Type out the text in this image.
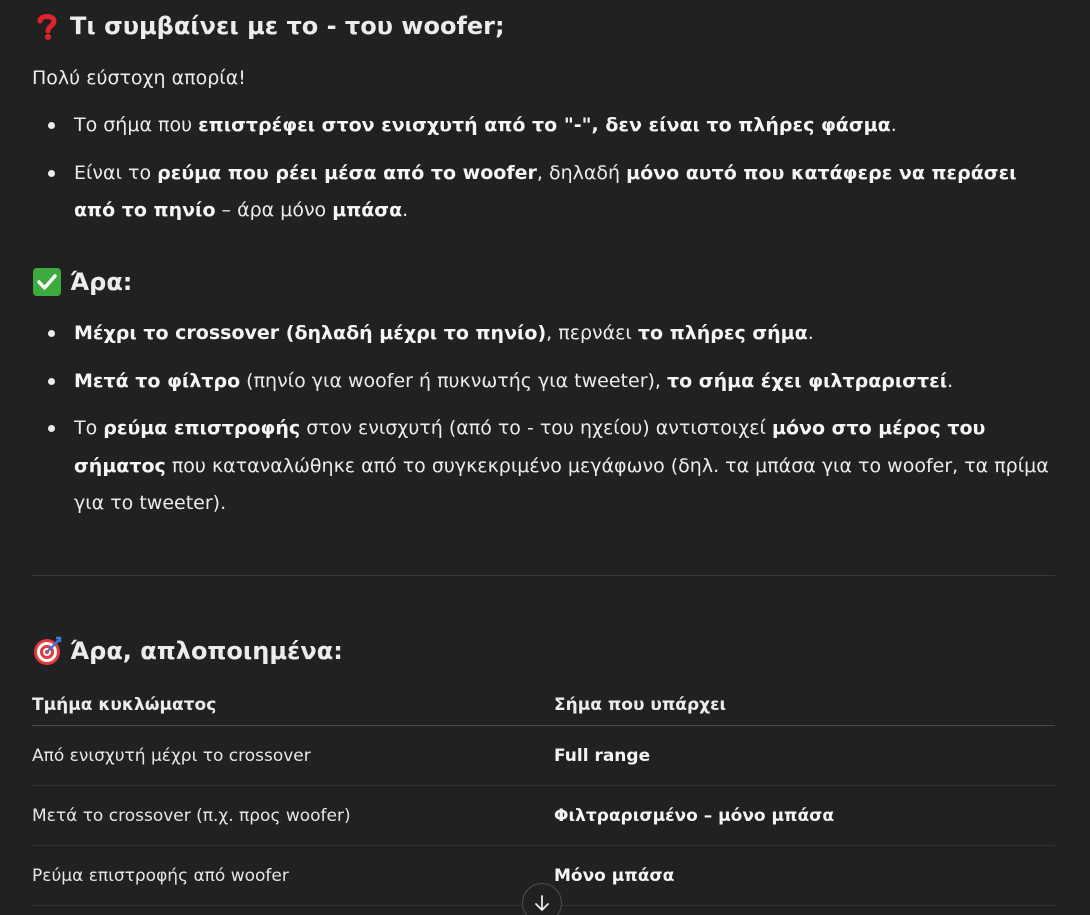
Τι συμβαίνει με το - του woofer;

Πολύ εύστοχη απορία!

Το σήμα που επιστρέφει στον ενισχυτή από το "-", δεν είναι το πλήρες φάσμα.
Είναι το ρεύμα που ρέει μέσα από το woofer, δηλαδή μόνο αυτό που κατάφερε να περάσει από το πηνίο – άρα μόνο μπάσα.
Άρα:
Μέχρι το crossover (δηλαδή μέχρι το πηνίο), περνάει το πλήρες σήμα.
Μετά το φίλτρο (πηνίο για woofer ή πυκνωτής για tweeter), το σήμα έχει φιλτραριστεί.
Το ρεύμα επιστροφής στον ενισχυτή (από το - του ηχείου) αντιστοιχεί μόνο στο μέρος του σήματος που καταναλώθηκε από το συγκεκριμένο μεγάφωνο (δηλ. τα μπάσα για το woofer, τα πρίμα για το tweeter).
Άρα, απλοποιημένα:
Τμήμα κυκλώματος	Σήμα που υπάρχει
Από ενισχυτή μέχρι το crossover	Full range
Μετά το crossover (π.χ. προς woofer)	Φιλτραρισμένο – μόνο μπάσα
Ρεύμα επιστροφής από woofer	Μόνο μπάσα
